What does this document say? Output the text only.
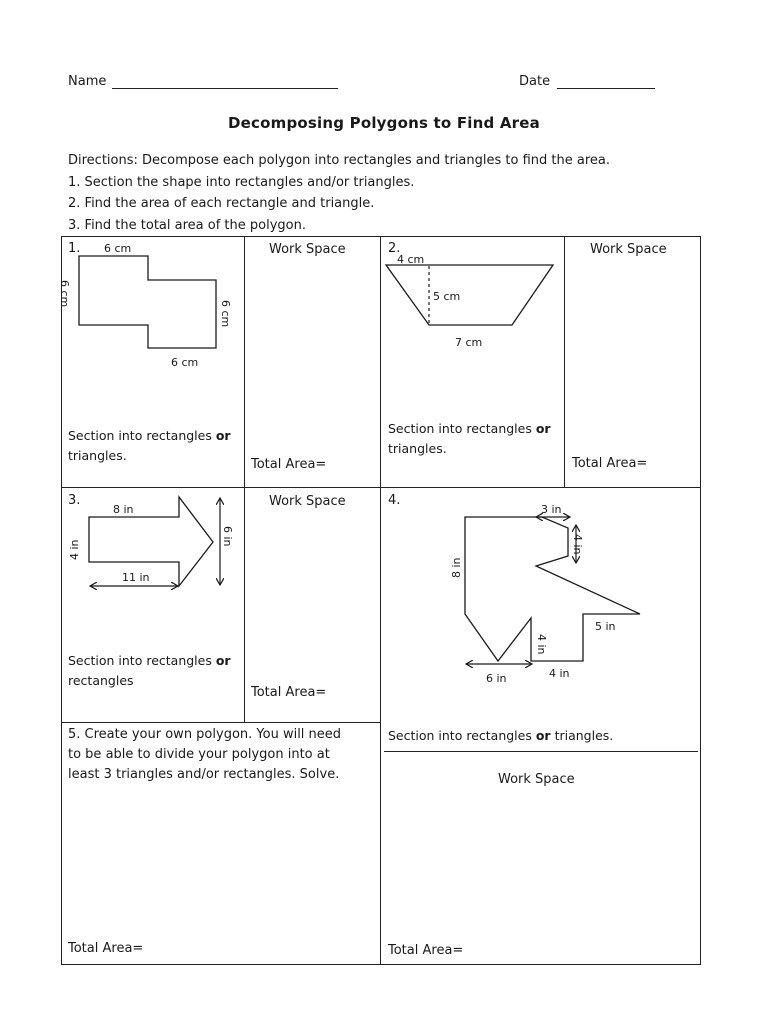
Name	Date
Decomposing Polygons to Find Area
Directions: Decompose each polygon into rectangles and triangles to find the area.
1. Section the shape into rectangles and/or triangles.
2. Find the area of each rectangle and triangle.
3. Find the total area of the polygon.
1.	Work Space
Section into rectangles or
triangles.
Total Area=
2.	Work Space
Section into rectangles or
triangles.
Total Area=
3.	Work Space
Section into rectangles or
rectangles
Total Area=
4.
Section into rectangles or triangles.
Work Space
Total Area=
5. Create your own polygon. You will need
to be able to divide your polygon into at
least 3 triangles and/or rectangles. Solve.
Total Area=
6 cm
6 cm
6 cm
6 cm
4 cm
5 cm
7 cm
8 in
4 in
11 in
6 in
3 in
4 in
8 in
5 in
4 in
6 in	4 in
